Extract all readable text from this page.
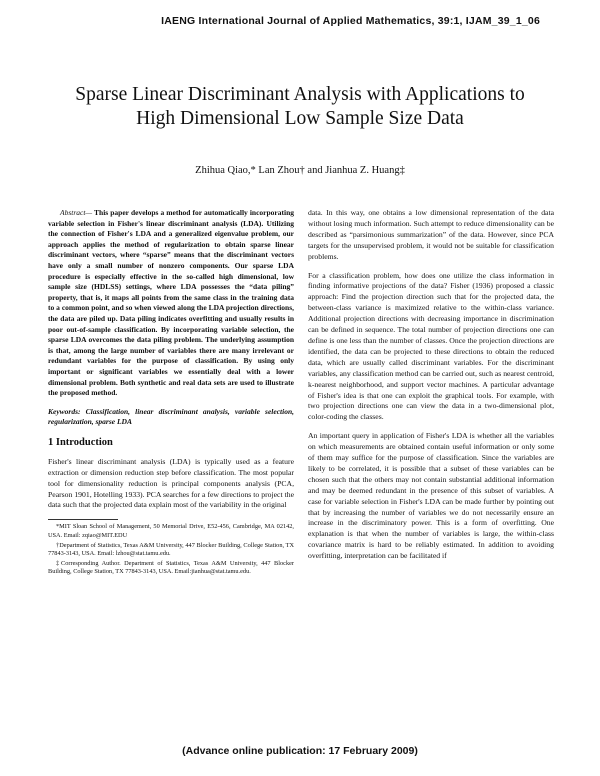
IAENG International Journal of Applied Mathematics, 39:1, IJAM_39_1_06
Sparse Linear Discriminant Analysis with Applications to High Dimensional Low Sample Size Data
Zhihua Qiao,* Lan Zhou† and Jianhua Z. Huang‡

Abstract— This paper develops a method for automatically incorporating variable selection in Fisher's linear discriminant analysis (LDA). Utilizing the connection of Fisher's LDA and a generalized eigenvalue problem, our approach applies the method of regularization to obtain sparse linear discriminant vectors, where “sparse” means that the discriminant vectors have only a small number of nonzero components. Our sparse LDA procedure is especially effective in the so-called high dimensional, low sample size (HDLSS) settings, where LDA possesses the “data piling” property, that is, it maps all points from the same class in the training data to a common point, and so when viewed along the LDA projection directions, the data are piled up. Data piling indicates overfitting and usually results in poor out-of-sample classification. By incorporating variable selection, the sparse LDA overcomes the data piling problem. The underlying assumption is that, among the large number of variables there are many irrelevant or redundant variables for the purpose of classification. By using only important or significant variables we essentially deal with a lower dimensional problem. Both synthetic and real data sets are used to illustrate the proposed method.

Keywords: Classification, linear discriminant analysis, variable selection, regularization, sparse LDA

1 Introduction

Fisher's linear discriminant analysis (LDA) is typically used as a feature extraction or dimension reduction step before classification. The most popular tool for dimensionality reduction is principal components analysis (PCA, Pearson 1901, Hotelling 1933). PCA searches for a few directions to project the data such that the projected data explain most of the variability in the original

*MIT Sloan School of Management, 50 Memorial Drive, E52-456, Cambridge, MA 02142, USA. Email: zqiao@MIT.EDU

†Department of Statistics, Texas A&M University, 447 Blocker Building, College Station, TX 77843-3143, USA. Email: lzhou@stat.tamu.edu.

‡Corresponding Author. Department of Statistics, Texas A&M University, 447 Blocker Building, College Station, TX 77843-3143, USA. Email:jianhua@stat.tamu.edu.

data. In this way, one obtains a low dimensional representation of the data without losing much information. Such attempt to reduce dimensionality can be described as “parsimonious summarization” of the data. However, since PCA targets for the unsupervised problem, it would not be suitable for classification problems.

For a classification problem, how does one utilize the class information in finding informative projections of the data? Fisher (1936) proposed a classic approach: Find the projection direction such that for the projected data, the between-class variance is maximized relative to the within-class variance. Additional projection directions with decreasing importance in discrimination can be defined in sequence. The total number of projection directions one can define is one less than the number of classes. Once the projection directions are identified, the data can be projected to these directions to obtain the reduced data, which are usually called discriminant variables. For the discriminant variables, any classification method can be carried out, such as nearest centroid, k-nearest neighborhood, and support vector machines. A particular advantage of Fisher's idea is that one can exploit the graphical tools. For example, with two projection directions one can view the data in a two-dimensional plot, color-coding the classes.

An important query in application of Fisher's LDA is whether all the variables on which measurements are obtained contain useful information or only some of them may suffice for the purpose of classification. Since the variables are likely to be correlated, it is possible that a subset of these variables can be chosen such that the others may not contain substantial additional information and may be deemed redundant in the presence of this subset of variables. A case for variable selection in Fisher's LDA can be made further by pointing out that by increasing the number of variables we do not necessarily ensure an increase in the discriminatory power. This is a form of overfitting. One explanation is that when the number of variables is large, the within-class covariance matrix is hard to be reliably estimated. In addition to avoiding overfitting, interpretation can be facilitated if

(Advance online publication: 17 February 2009)
